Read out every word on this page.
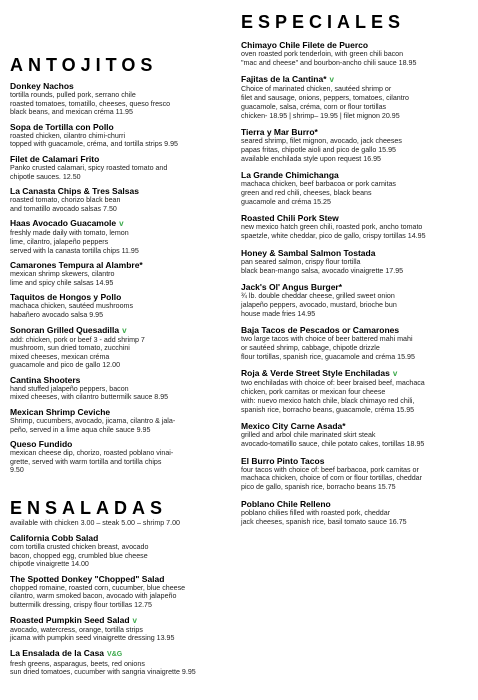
ANTOJITOS
Donkey Nachos
tortilla rounds, pulled pork, serrano chile
roasted tomatoes, tomatillo, cheeses, queso fresco
black beans, and mexican créma 11.95
Sopa de Tortilla con Pollo
roasted chicken, cilantro chimi-churri
topped with guacamole, créma, and tortilla strips 9.95
Filet de Calamari Frito
Panko crusted calamari, spicy roasted tomato and
chipotle sauces. 12.50
La Canasta Chips & Tres Salsas
roasted tomato, chorizo black bean
and tomatillo avocado salsas 7.50
Haas Avocado Guacamole v
freshly made daily with tomato, lemon
lime, cilantro, jalapeño peppers
served with la canasta tortilla chips 11.95
Camarones Tempura al Alambre*
mexican shrimp skewers, cilantro
lime and spicy chile salsas 14.95
Taquitos de Hongos y Pollo
machaca chicken, sautéed mushrooms
habañero avocado salsa 9.95
Sonoran Grilled Quesadilla v
add: chicken, pork or beef 3 - add shrimp 7
mushroom, sun dried tomato, zucchini
mixed cheeses, mexican créma
guacamole and pico de gallo 12.00
Cantina Shooters
hand stuffed jalapeño peppers, bacon
mixed cheeses, with cilantro buttermilk sauce 8.95
Mexican Shrimp Ceviche
Shrimp, cucumbers, avocado, jicama, cilantro & jala-
peño, served in a lime aqua chile sauce 9.95
Queso Fundido
mexican cheese dip, chorizo, roasted poblano vinai-
grette, served with warm tortilla and tortilla chips
9.50
ENSALADAS
available with chicken 3.00 – steak 5.00 – shrimp 7.00
California Cobb Salad
corn tortilla crusted chicken breast, avocado
bacon, chopped egg, crumbled blue cheese
chipotle vinaigrette 14.00
The Spotted Donkey "Chopped" Salad
chopped romaine, roasted corn, cucumber, blue cheese
cilantro, warm smoked bacon, avocado with jalapeño
buttermilk dressing, crispy flour tortillas 12.75
Roasted Pumpkin Seed Salad v
avocado, watercress, orange, tortilla strips
jicama with pumpkin seed vinaigrette dressing 13.95
La Ensalada de la Casa V&G
fresh greens, asparagus, beets, red onions
sun dried tomatoes, cucumber with sangria vinaigrette 9.95
ESPECIALES
Chimayo Chile Filete de Puerco
oven roasted pork tenderloin, with green chili bacon
"mac and cheese" and bourbon-ancho chili sauce 18.95
Fajitas de la Cantina* v
Choice of marinated chicken, sautéed shrimp or
filet and sausage, onions, peppers, tomatoes, cilantro
guacamole, salsa, créma, corn or flour tortillas
chicken- 18.95 | shrimp– 19.95 | filet mignon 20.95
Tierra y Mar Burro*
seared shrimp, filet mignon, avocado, jack cheeses
papas fritas, chipotle aioli and pico de gallo 15.95
available enchilada style upon request 16.95
La Grande Chimichanga
machaca chicken, beef barbacoa or pork carnitas
green and red chili, cheeses, black beans
guacamole and créma 15.25
Roasted Chili Pork Stew
new mexico hatch green chili, roasted pork, ancho tomato
spaetzle, white cheddar, pico de gallo, crispy tortillas 14.95
Honey & Sambal Salmon Tostada
pan seared salmon, crispy flour tortilla
black bean-mango salsa, avocado vinaigrette 17.95
Jack's Ol' Angus Burger*
¾ lb. double cheddar cheese, grilled sweet onion
jalapeño peppers, avocado, mustard, brioche bun
house made fries 14.95
Baja Tacos de Pescados or Camarones
two large tacos with choice of beer battered mahi mahi
or sautéed shrimp, cabbage, chipotle drizzle
flour tortillas, spanish rice, guacamole and créma 15.95
Roja & Verde Street Style Enchiladas v
two enchiladas with choice of: beer braised beef, machaca
chicken, pork carnitas or mexican four cheese
with: nuevo mexico hatch chile, black chimayo red chili,
spanish rice, borracho beans, guacamole, créma 15.95
Mexico City Carne Asada*
grilled and arbol chile marinated skirt steak
avocado-tomatillo sauce, chile potato cakes, tortillas 18.95
El Burro Pinto Tacos
four tacos with choice of: beef barbacoa, pork camitas or
machaca chicken, choice of corn or flour tortillas, cheddar
pico de gallo, spanish rice, borracho beans 15.75
Poblano Chile Relleno
poblano chilies filled with roasted pork, cheddar
jack cheeses, spanish rice, basil tomato sauce 16.75
